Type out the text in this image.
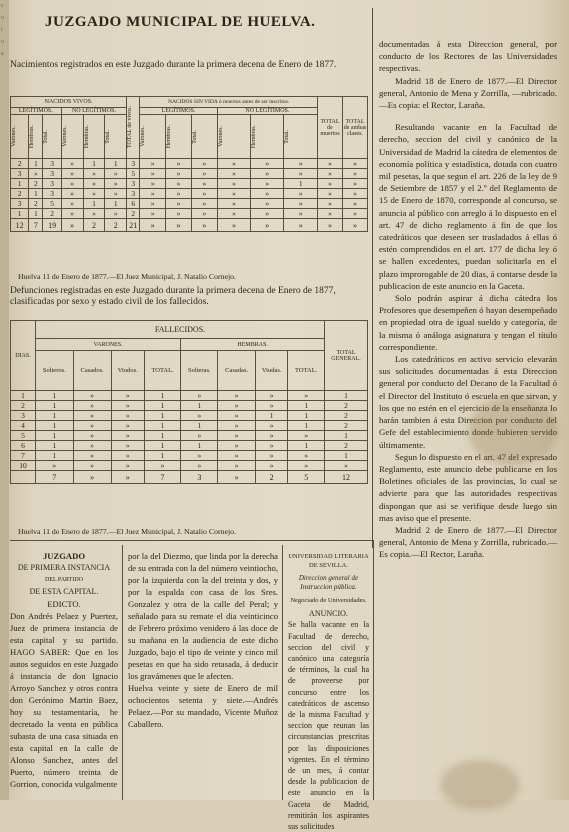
c
o
t
o
a
JUZGADO MUNICIPAL DE HUELVA.
Nacimientos registrados en este Juzgado durante la primera decena de Enero de 1877.
NACIDOS VIVOS.						TOTAL de vivos.	NACIDOS SIN VIDA ó muertos antes de ser inscritos.						TOTAL de muertos	TOTAL de ambas clases.
LEGÍTIMOS.			NO LEGÍTIMOS.				LEGÍTIMOS.			NO LEGÍTIMOS.				

Varones.	Hembras.	Total.	Varones.	Hembras.	Total.		Varones.	Hembras.	Total.	Varones.	Hembras.	Total.		

2	1	3	»	1	1	3	»	»	»	»	»	»	»	»
3	»	3	»	»	»	5	»	»	»	»	»	»	»	»
1	2	3	»	»	»	3	»	»	»	»	»	1	»	»
2	1	3	»	»	»	3	»	»	»	»	»	»	»	»
3	2	5	»	1	1	6	»	»	»	»	»	»	»	»
1	1	2	»	»	»	2	»	»	»	»	»	»	»	»
12	7	19	»	2	2	21	»	»	»	»	»	»	»	»
Huelva 11 de Enero de 1877.—El Juez Municipal, J. Natalio Cornejo.
Defunciones registradas en este Juzgado durante la primera decena de Enero de 1877, clasificadas por sexo y estado civil de los fallecidos.
DIAS.	FALLECIDOS.								TOTAL GENERAL.
	VARONES.				HEMBRAS.				
	Solteros.	Casados.	Viudos.	TOTAL.	Solteras.	Casadas.	Viudas.	TOTAL.	
1	1	»	»	1	»	»	»	»	1
2	1	»	»	1	1	»	»	1	2
3	1	»	»	1	»	»	1	1	2
4	1	»	»	1	1	»	»	1	2
5	1	»	»	1	»	»	»	»	1
6	1	»	»	1	1	»	»	1	2
7	1	»	»	1	»	»	»	»	1
10	»	»	»	»	»	»	»	»	»
	7	»	»	7	3	»	2	5	12
Huelva 11 de Enero de 1877.—El Juez Municipal, J. Natalio Cornejo.

documentadas á esta Direccion general, por conducto de los Rectores de las Universidades respectivas.

Madrid 18 de Enero de 1877.—El Director general, Antonio de Mena y Zorrilla, —rubricado.—Es copia: el Rector, Laraña.

Resultando vacante en la Facultad de derecho, seccion del civil y canónico de la Universidad de Madrid la cátedra de elementos de economía política y estadística, dotada con cuatro mil pesetas, la que segun el art. 226 de la ley de 9 de Setiembre de 1857 y el 2.º del Reglamento de 15 de Enero de 1870, corresponde al concurso, se anuncia al público con arreglo á lo dispuesto en el art. 47 de dicho reglamento á fin de que los catedráticos que deseen ser trasladados á ellas ó estén comprendidos en el art. 177 de dicha ley ó se hallen excedentes, puedan solicitarla en el plazo improrogable de 20 dias, á contarse desde la publicacion de este anuncio en la Gaceta.

Solo podrán aspirar á dicha cátedra los Profesores que desempeñen ó hayan desempeñado en propiedad otra de igual sueldo y categoría, de la misma ó análoga asignatura y tengan el título correspondiente.

Los catedráticos en activo servicio elevarán sus solicitudes documentadas á esta Direccion general por conducto del Decano de la Facultad ó el Director del Instituto ó escuela en que sirvan, y los que no estén en el ejercicio de la enseñanza lo harán tambien á esta Direccion por conducto del Gefe del establecimiento donde hubieren servido últimamente.

Segun lo dispuesto en el art. 47 del expresado Reglamento, este anuncio debe publicarse en los Boletines oficiales de las provincias, lo cual se advierte para que las autoridades respectivas dispongan que asi se verifique desde luego sin mas aviso que el presente.

Madrid 2 de Enero de 1877.—El Director general, Antonio de Mena y Zorrilla, rubricado.—Es copia.—El Rector, Laraña.

JUZGADO

DE PRIMERA INSTANCIA

DEL PARTIDO

DE ESTA CAPITAL.

EDICTO.

Don Andrés Pelaez y Puertez, Juez de primera instancia de esta capital y su partido. HAGO SABER: Que en los autos seguidos en este Juzgado á instancia de don Ignacio Arroyo Sanchez y otros contra don Gerónimo Martin Baez, hoy su testamentaría, he decretado la venta en pública subasta de una casa situada en esta capital en la calle de Alonso Sanchez, antes del Puerto, número treinta de Gorrion, conocida vulgalmente

por la del Diezmo, que linda por la derecha de su entrada con la del número veintiocho, por la izquierda con la del treinta y dos, y por la espalda con casa de los Sres. Gonzalez y otra de la calle del Peral; y señalado para su remate el dia veinticinco de Febrero próximo venidero á las doce de su mañana en la audiencia de este dicho Juzgado, bajo el tipo de veinte y cinco mil pesetas en que ha sido retasada, á deducir los gravámenes que le afecten.

Huelva veinte y siete de Enero de mil ochocientos setenta y siete.—Andrés Pelaez.—Por su mandado, Vicente Muñoz Caballero.

UNIVERSIDAD LITERARIA DE SEVILLA.

Direccion general de Instruccion pública.

Negociado de Universidades.

ANUNCIO.

Se halla vacante en la Facultad de derecho, seccion del civil y canónico una categoría de términos, la cual ha de proveerse por concurso entre los catedráticos de ascenso de la misma Facultad y seccion que reunan las circunstancias prescritas por las disposiciones vigentes. En el término de un mes, á contar desde la publicacion de este anuncio en la Gaceta de Madrid, remitirán los aspirantes sus solicitudes
